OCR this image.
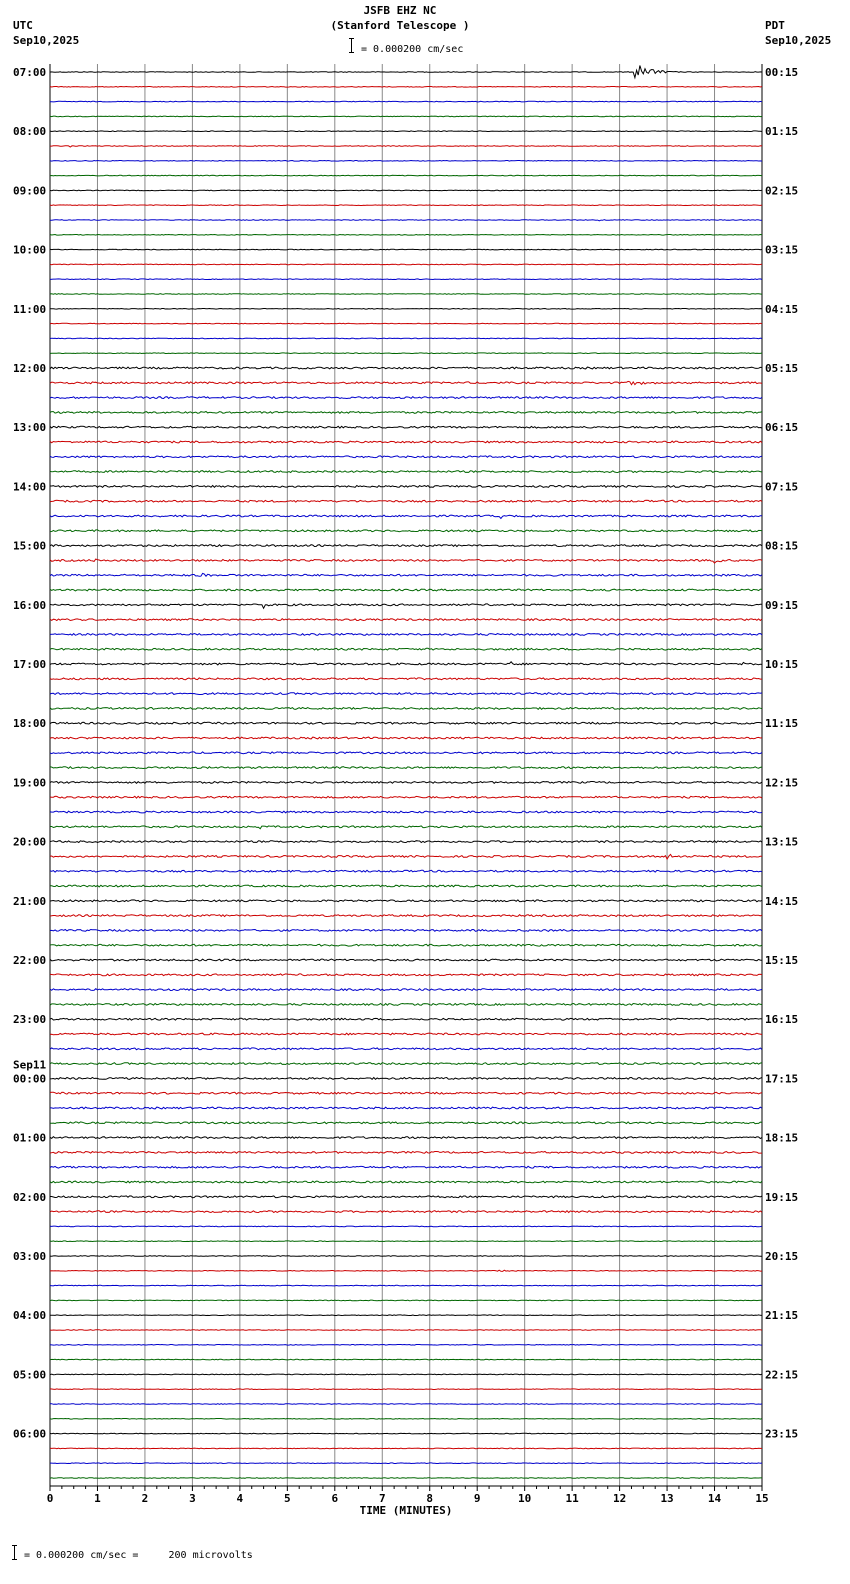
JSFB EHZ NC
(Stanford Telescope )
= 0.000200 cm/sec
UTC
Sep10,2025
PDT
Sep10,2025
07:00	00:15
08:00	01:15
09:00	02:15
10:00	03:15
11:00	04:15
12:00	05:15
13:00	06:15
14:00	07:15
15:00	08:15
16:00	09:15
17:00	10:15
18:00	11:15
19:00	12:15
20:00	13:15
21:00	14:15
22:00	15:15
23:00	16:15
00:00	17:15
01:00	18:15
02:00	19:15
03:00	20:15
04:00	21:15
05:00	22:15
06:00	23:15
Sep11
0	1	2	3	4	5	6	7	8	9	10	11	12	13	14	15
TIME (MINUTES)
= 0.000200 cm/sec =     200 microvolts
